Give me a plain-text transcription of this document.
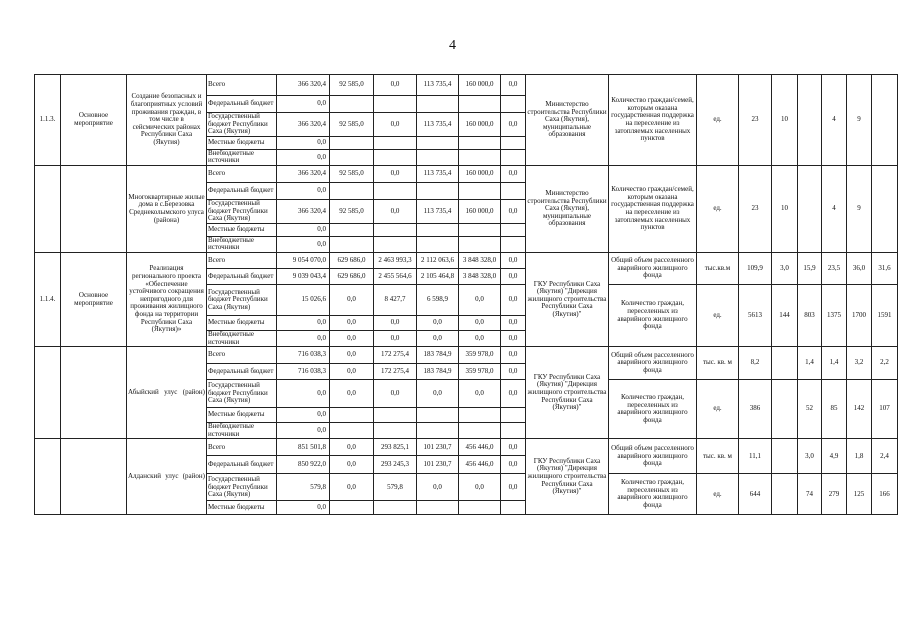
4
1.1.3.	Основное мероприятие	Создание безопасных и благоприятных условий проживания граждан, в том числе в сейсмических районах Республики Саха (Якутия)	Всего	366 320,4	92 585,0	0,0	113 735,4	160 000,0	0,0	Министерство строительства Республики Саха (Якутия), муниципальные образования	Количество граждан/семей, которым оказана государственная поддержка на переселение из затопляемых населенных пунктов	ед.	23	10		4	9	
			Федеральный бюджет	0,0														
			Государственный бюджет Республики Саха (Якутия)	366 320,4	92 585,0	0,0	113 735,4	160 000,0	0,0									
			Местные бюджеты	0,0														
			Внебюджетные источники	0,0														
		Многоквартирные жилые дома в с.Березовка Среднеколымского улуса (района)	Всего	366 320,4	92 585,0	0,0	113 735,4	160 000,0	0,0	Министерство строительства Республики Саха (Якутия), муниципальные образования	Количество граждан/семей, которым оказана государственная поддержка на переселение из затопляемых населенных пунктов	ед.	23	10		4	9	
			Федеральный бюджет	0,0														
			Государственный бюджет Республики Саха (Якутия)	366 320,4	92 585,0	0,0	113 735,4	160 000,0	0,0									
			Местные бюджеты	0,0														
			Внебюджетные источники	0,0														
1.1.4.	Основное мероприятие	Реализация регионального проекта «Обеспечение устойчивого сокращения непригодного для проживания жилищного фонда на территории Республики Саха (Якутия)»	Всего	9 054 070,0	629 686,0	2 463 993,3	2 112 063,6	3 848 328,0	0,0	ГКУ Республики Саха (Якутия) "Дирекция жилищного строительства Республики Саха (Якутия)"	Общий объем расселенного аварийного жилищного фонда	тыс.кв.м	109,9	3,0	15,9	23,5	36,0	31,6
			Федеральный бюджет	9 039 043,4	629 686,0	2 455 564,6	2 105 464,8	3 848 328,0	0,0									
			Государственный бюджет Республики Саха (Якутия)	15 026,6	0,0	8 427,7	6 598,9	0,0	0,0		Количество граждан, переселенных из аварийного жилищного фонда	ед.	5613	144	803	1375	1700	1591
			Местные бюджеты	0,0	0,0	0,0	0,0	0,0	0,0									
			Внебюджетные источники	0,0	0,0	0,0	0,0	0,0	0,0									
		Абыйский улус (район)	Всего	716 038,3	0,0	172 275,4	183 784,9	359 978,0	0,0	ГКУ Республики Саха (Якутия) "Дирекция жилищного строительства Республики Саха (Якутия)"	Общий объем расселенного аварийного жилищного фонда	тыс. кв. м	8,2		1,4	1,4	3,2	2,2
			Федеральный бюджет	716 038,3	0,0	172 275,4	183 784,9	359 978,0	0,0									
			Государственный бюджет Республики Саха (Якутия)	0,0	0,0	0,0	0,0	0,0	0,0		Количество граждан, переселенных из аварийного жилищного фонда	ед.	386		52	85	142	107
			Местные бюджеты	0,0														
			Внебюджетные источники	0,0														
		Алданский улус (район)	Всего	851 501,8	0,0	293 825,1	101 230,7	456 446,0	0,0	ГКУ Республики Саха (Якутия) "Дирекция жилищного строительства Республики Саха (Якутия)"	Общий объем расселенного аварийного жилищного фонда	тыс. кв. м	11,1		3,0	4,9	1,8	2,4
			Федеральный бюджет	850 922,0	0,0	293 245,3	101 230,7	456 446,0	0,0									
			Государственный бюджет Республики Саха (Якутия)	579,8	0,0	579,8	0,0	0,0	0,0		Количество граждан, переселенных из аварийного жилищного фонда	ед.	644		74	279	125	166
			Местные бюджеты	0,0														
